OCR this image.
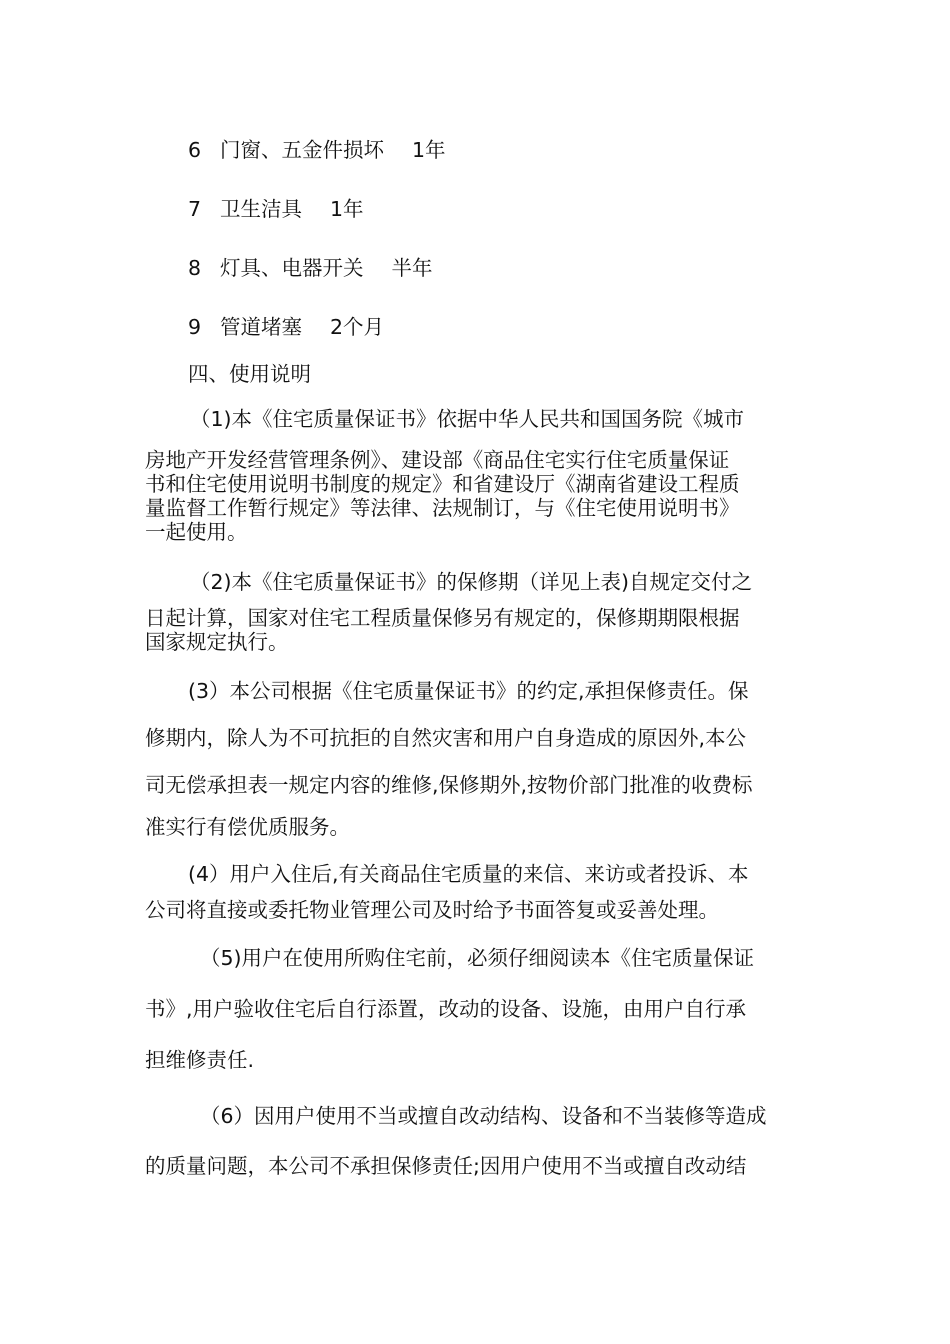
6 门窗、五金件损坏 1年
7 卫生洁具 1年
8 灯具、电器开关 半年
9 管道堵塞 2个月
四、使用说明
（1)本《住宅质量保证书》依据中华人民共和国国务院《城市
房地产开发经营管理条例》、建设部《商品住宅实行住宅质量保证
书和住宅使用说明书制度的规定》和省建设厅《湖南省建设工程质
量监督工作暂行规定》等法律、法规制订，与《住宅使用说明书》
一起使用。
（2)本《住宅质量保证书》的保修期（详见上表)自规定交付之
日起计算，国家对住宅工程质量保修另有规定的，保修期期限根据
国家规定执行。
(3）本公司根据《住宅质量保证书》的约定,承担保修责任。保
修期内，除人为不可抗拒的自然灾害和用户自身造成的原因外,本公
司无偿承担表一规定内容的维修,保修期外,按物价部门批准的收费标
准实行有偿优质服务。
(4）用户入住后,有关商品住宅质量的来信、来访或者投诉、本
公司将直接或委托物业管理公司及时给予书面答复或妥善处理。
（5)用户在使用所购住宅前，必须仔细阅读本《住宅质量保证
书》,用户验收住宅后自行添置，改动的设备、设施，由用户自行承
担维修责任.
（6）因用户使用不当或擅自改动结构、设备和不当装修等造成
的质量问题，本公司不承担保修责任;因用户使用不当或擅自改动结
